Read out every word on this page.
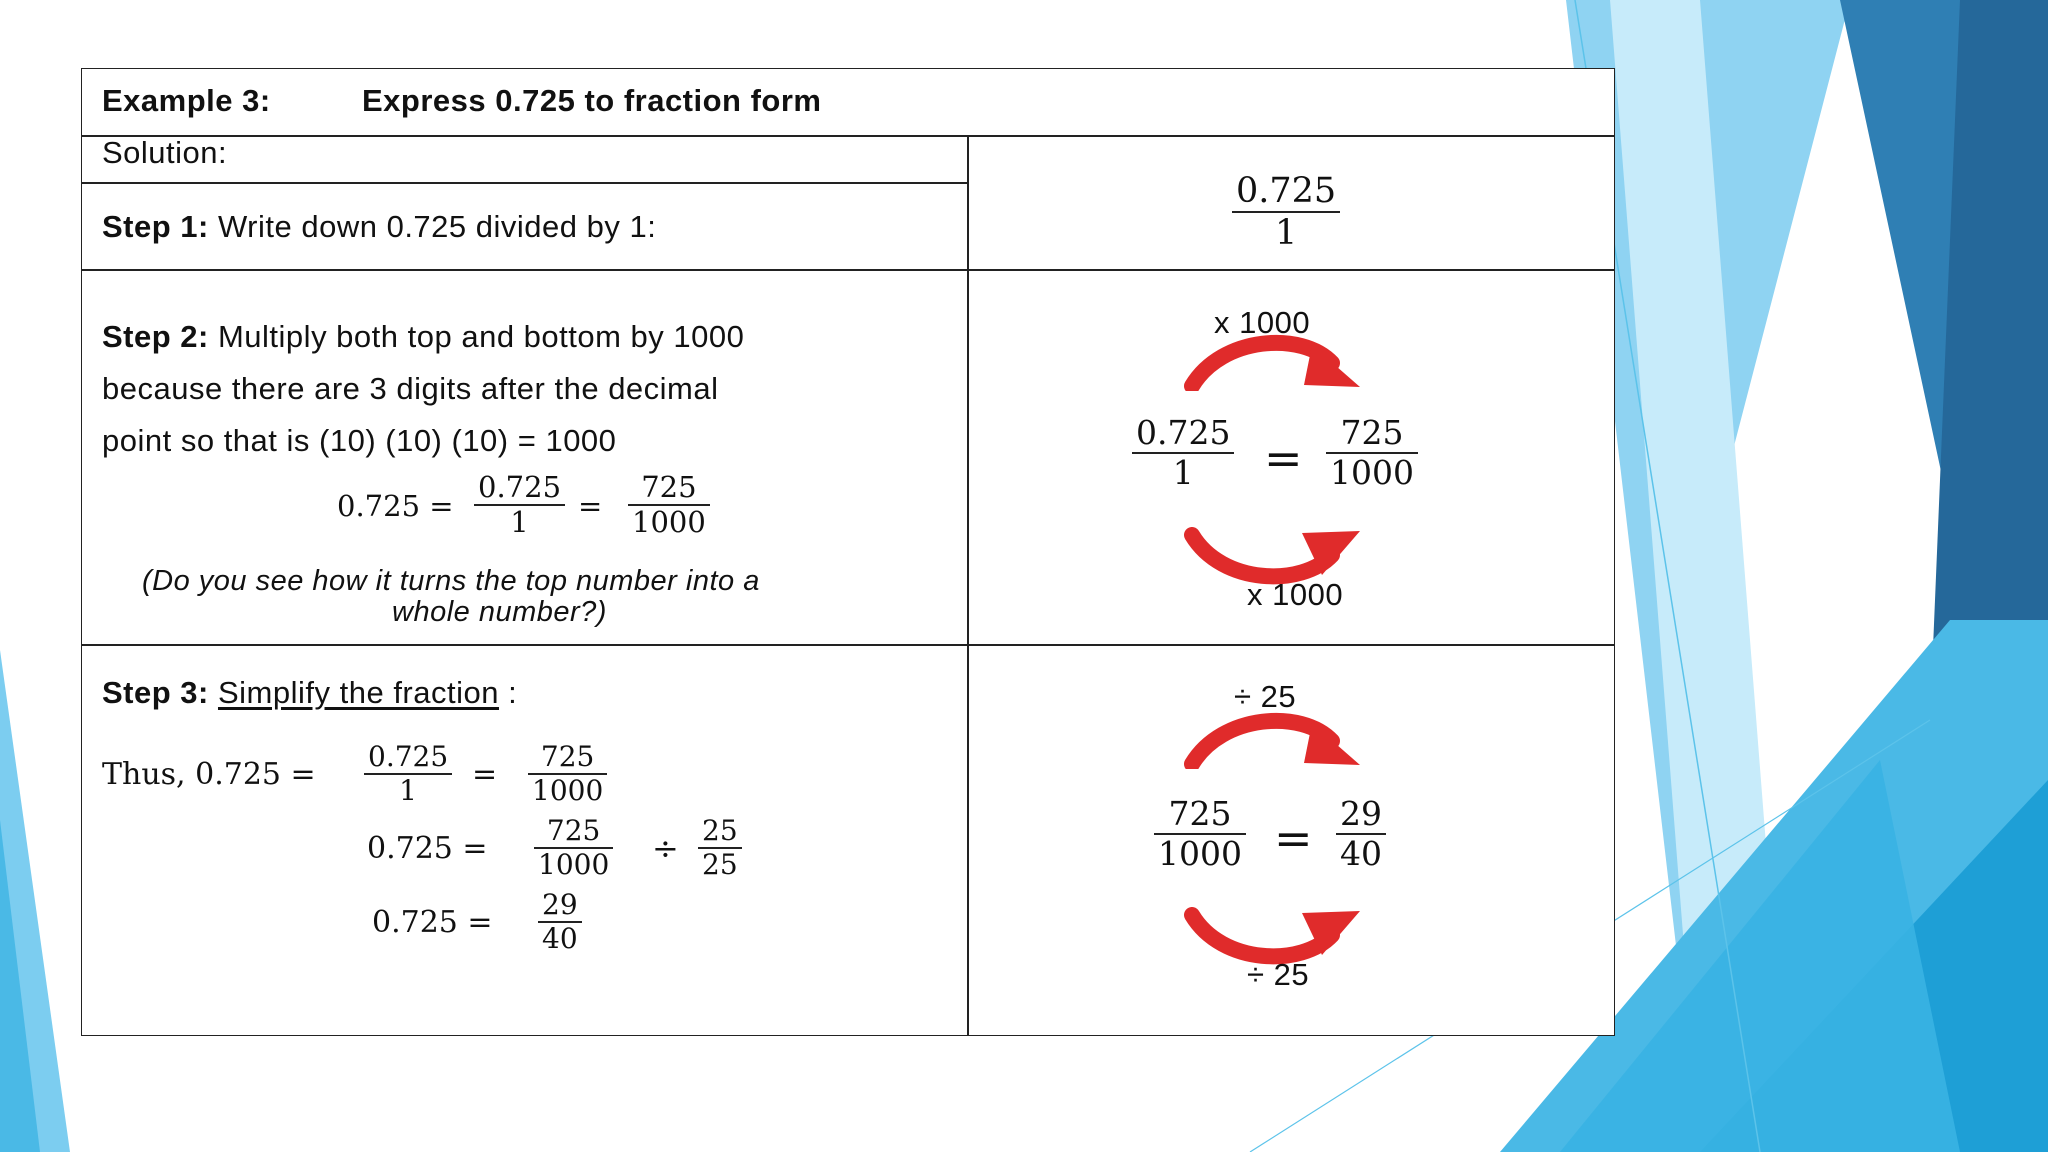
Example 3:	Express 0.725 to fraction form
Solution:
Step 1: Write down 0.725 divided by 1:
0.725
1
Step 2: Multiply both top and bottom by 1000
because there are 3 digits after the decimal
point so that is (10) (10) (10) = 1000
0.725 =
0.725
1 =
725
1000
(Do you see how it turns the top number into a
whole number?)
x 1000
0.725
1 = 725
1000
x 1000
Step 3: Simplify the fraction :
Thus, 0.725 =
0.725
1 =
725
1000
0.725 =
725
1000 ÷ 25
25
0.725 =
29
40
÷ 25
725
1000 = 29
40
÷ 25
